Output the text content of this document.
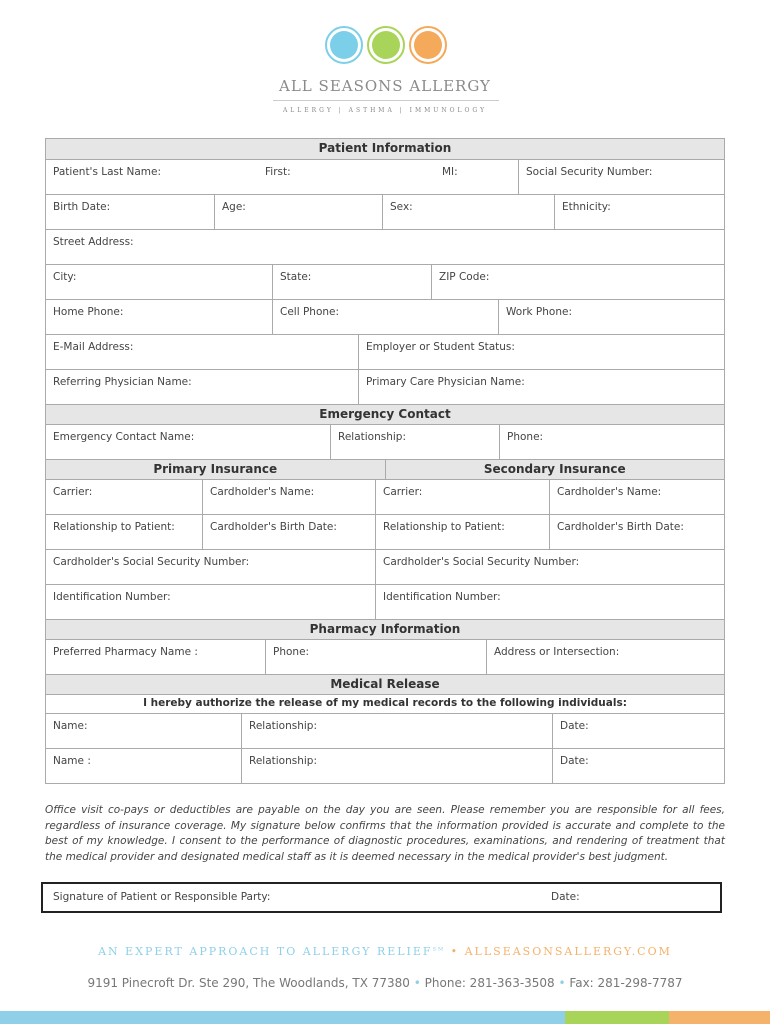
ALL SEASONS ALLERGY
ALLERGY | ASTHMA | IMMUNOLOGY
Patient Information
Patient's Last Name:	First:	MI:	Social Security Number:
Birth Date:	Age:	Sex:	Ethnicity:
Street Address:
City:	State:	ZIP Code:
Home Phone:	Cell Phone:	Work Phone:
E-Mail Address:	Employer or Student Status:
Referring Physician Name:	Primary Care Physician Name:
Emergency Contact
Emergency Contact Name:	Relationship:	Phone:
Primary Insurance	Secondary Insurance
Carrier:	Cardholder's Name:	Carrier:	Cardholder's Name:
Relationship to Patient:	Cardholder's Birth Date:	Relationship to Patient:	Cardholder's Birth Date:
Cardholder's Social Security Number:	Cardholder's Social Security Number:
Identification Number:	Identification Number:
Pharmacy Information
Preferred Pharmacy Name :	Phone:	Address or Intersection:
Medical Release
I hereby authorize the release of my medical records to the following individuals:
Name:	Relationship:	Date:
Name :	Relationship:	Date:
Office visit co-pays or deductibles are payable on the day you are seen. Please remember you are responsible for all fees, regardless of insurance coverage. My signature below confirms that the information provided is accurate and complete to the best of my knowledge. I consent to the performance of diagnostic procedures, examinations, and rendering of treatment that the medical provider and designated medical staff as it is deemed necessary in the medical provider's best judgment.
Signature of Patient or Responsible Party:	Date:
AN EXPERT APPROACH TO ALLERGY RELIEF℠ • ALLSEASONSALLERGY.COM
9191 Pinecroft Dr. Ste 290, The Woodlands, TX 77380 • Phone: 281-363-3508 • Fax: 281-298-7787
